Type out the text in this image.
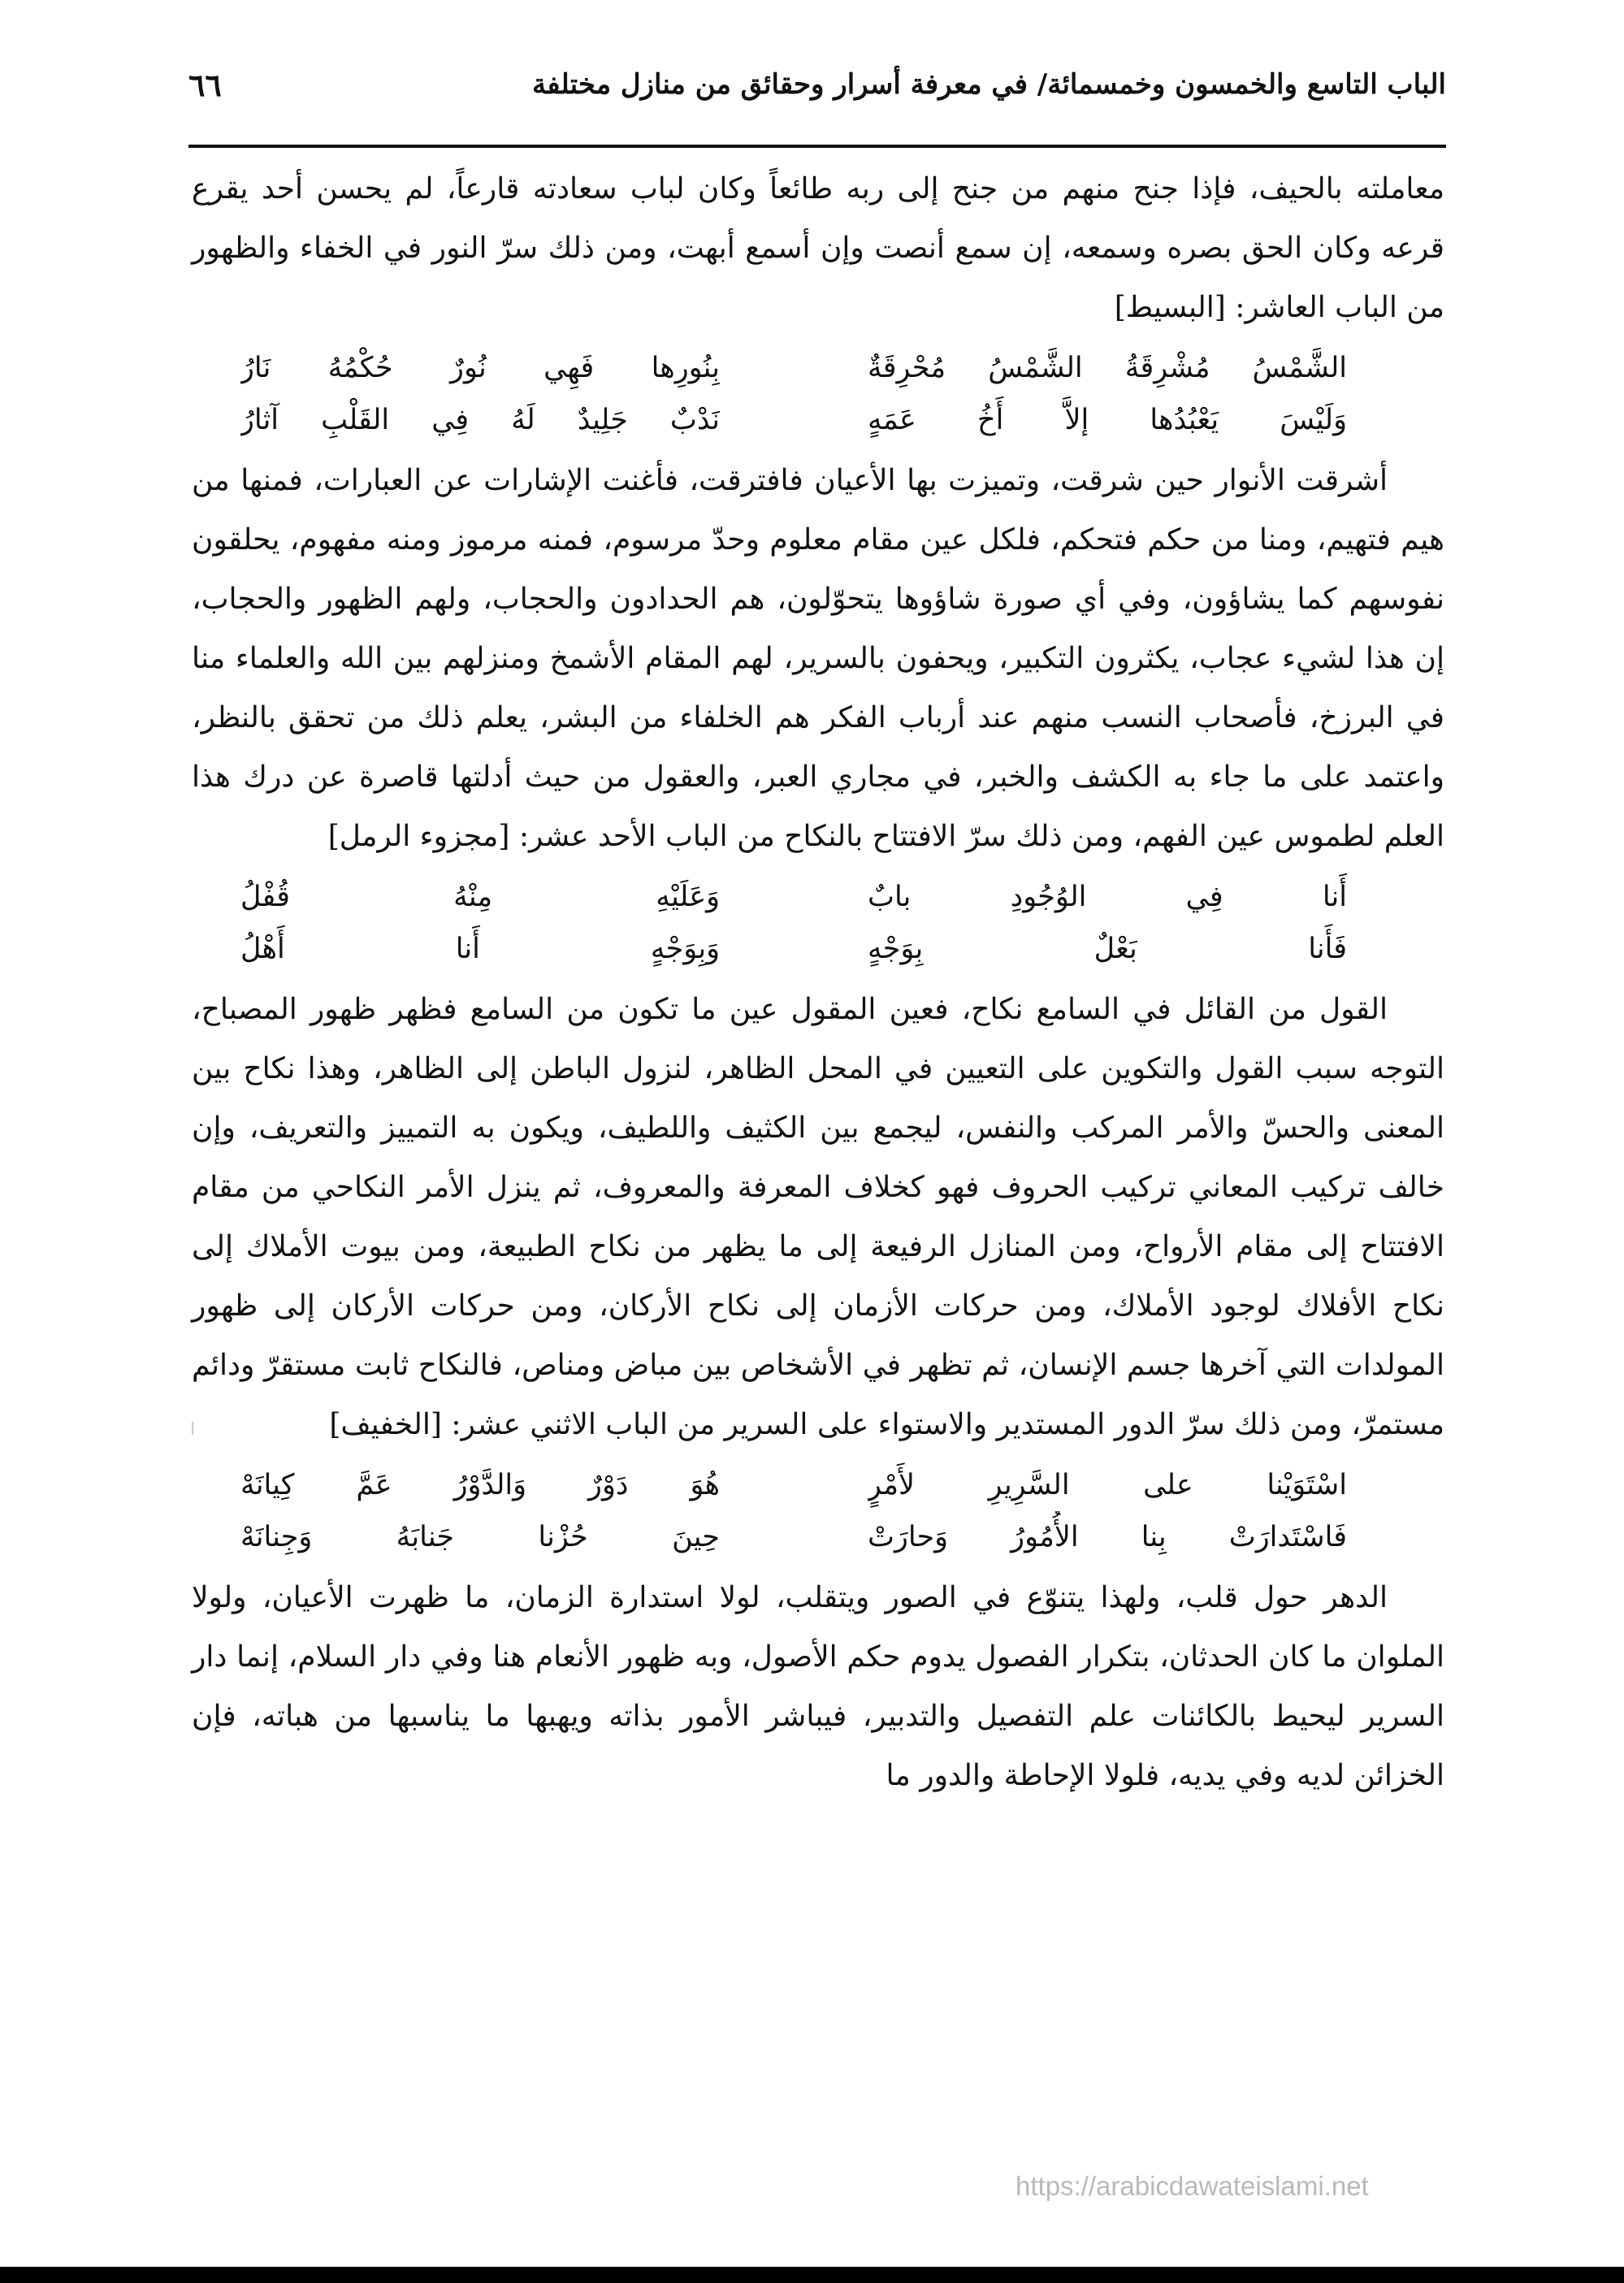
الباب التاسع والخمسون وخمسمائة/ في معرفة أسرار وحقائق من منازل مختلفة
٦٦

معاملته بالحيف، فإذا جنح منهم من جنح إلى ربه طائعاً وكان لباب سعادته قارعاً، لم يحسن أحد يقرع قرعه وكان الحق بصره وسمعه، إن سمع أنصت وإن أسمع أبهت، ومن ذلك سرّ النور في الخفاء والظهور من الباب العاشر: [البسيط]

الشَّمْسُ مُشْرِقَةُ الشَّمْسُ مُحْرِقَةٌ
بِنُورِها فَهِي نُورٌ حُكْمُهُ نَارُ
وَلَيْسَ يَعْبُدُها إلاَّ أَخُ عَمَهٍ
نَدْبٌ جَلِيدٌ لَهُ فِي القَلْبِ آثارُ

أشرقت الأنوار حين شرقت، وتميزت بها الأعيان فافترقت، فأغنت الإشارات عن العبارات، فمنها من هيم فتهيم، ومنا من حكم فتحكم، فلكل عين مقام معلوم وحدّ مرسوم، فمنه مرموز ومنه مفهوم، يحلقون نفوسهم كما يشاؤون، وفي أي صورة شاؤوها يتحوّلون، هم الحدادون والحجاب، ولهم الظهور والحجاب، إن هذا لشيء عجاب، يكثرون التكبير، ويحفون بالسرير، لهم المقام الأشمخ ومنزلهم بين الله والعلماء منا في البرزخ، فأصحاب النسب منهم عند أرباب الفكر هم الخلفاء من البشر، يعلم ذلك من تحقق بالنظر، واعتمد على ما جاء به الكشف والخبر، في مجاري العبر، والعقول من حيث أدلتها قاصرة عن درك هذا العلم لطموس عين الفهم، ومن ذلك سرّ الافتتاح بالنكاح من الباب الأحد عشر: [مجزوء الرمل]

أَنا فِي الوُجُودِ بابٌ
وَعَلَيْهِ مِنْهُ قُفْلُ
فَأَنا بَعْلٌ بِوَجْهٍ
وَبِوَجْهٍ أَنا أَهْلُ

القول من القائل في السامع نكاح، فعين المقول عين ما تكون من السامع فظهر ظهور المصباح، التوجه سبب القول والتكوين على التعيين في المحل الظاهر، لنزول الباطن إلى الظاهر، وهذا نكاح بين المعنى والحسّ والأمر المركب والنفس، ليجمع بين الكثيف واللطيف، ويكون به التمييز والتعريف، وإن خالف تركيب المعاني تركيب الحروف فهو كخلاف المعرفة والمعروف، ثم ينزل الأمر النكاحي من مقام الافتتاح إلى مقام الأرواح، ومن المنازل الرفيعة إلى ما يظهر من نكاح الطبيعة، ومن بيوت الأملاك إلى نكاح الأفلاك لوجود الأملاك، ومن حركات الأزمان إلى نكاح الأركان، ومن حركات الأركان إلى ظهور المولدات التي آخرها جسم الإنسان، ثم تظهر في الأشخاص بين مباض ومناص، فالنكاح ثابت مستقرّ ودائم مستمرّ، ومن ذلك سرّ الدور المستدير والاستواء على السرير من الباب الاثني عشر: [الخفيف]

اسْتَوَيْنا على السَّرِيرِ لأَمْرٍ
هُوَ دَوْرٌ وَالدَّوْرُ عَمَّ كِيانَهْ
فَاسْتَدارَتْ بِنا الأُمُورُ وَحارَتْ
حِينَ حُزْنا جَنابَهُ وَجِنانَهْ

الدهر حول قلب، ولهذا يتنوّع في الصور ويتقلب، لولا استدارة الزمان، ما ظهرت الأعيان، ولولا الملوان ما كان الحدثان، بتكرار الفصول يدوم حكم الأصول، وبه ظهور الأنعام هنا وفي دار السلام، إنما دار السرير ليحيط بالكائنات علم التفصيل والتدبير، فيباشر الأمور بذاته ويهبها ما يناسبها من هباته، فإن الخزائن لديه وفي يديه، فلولا الإحاطة والدور ما

https://arabicdawateislami.net
